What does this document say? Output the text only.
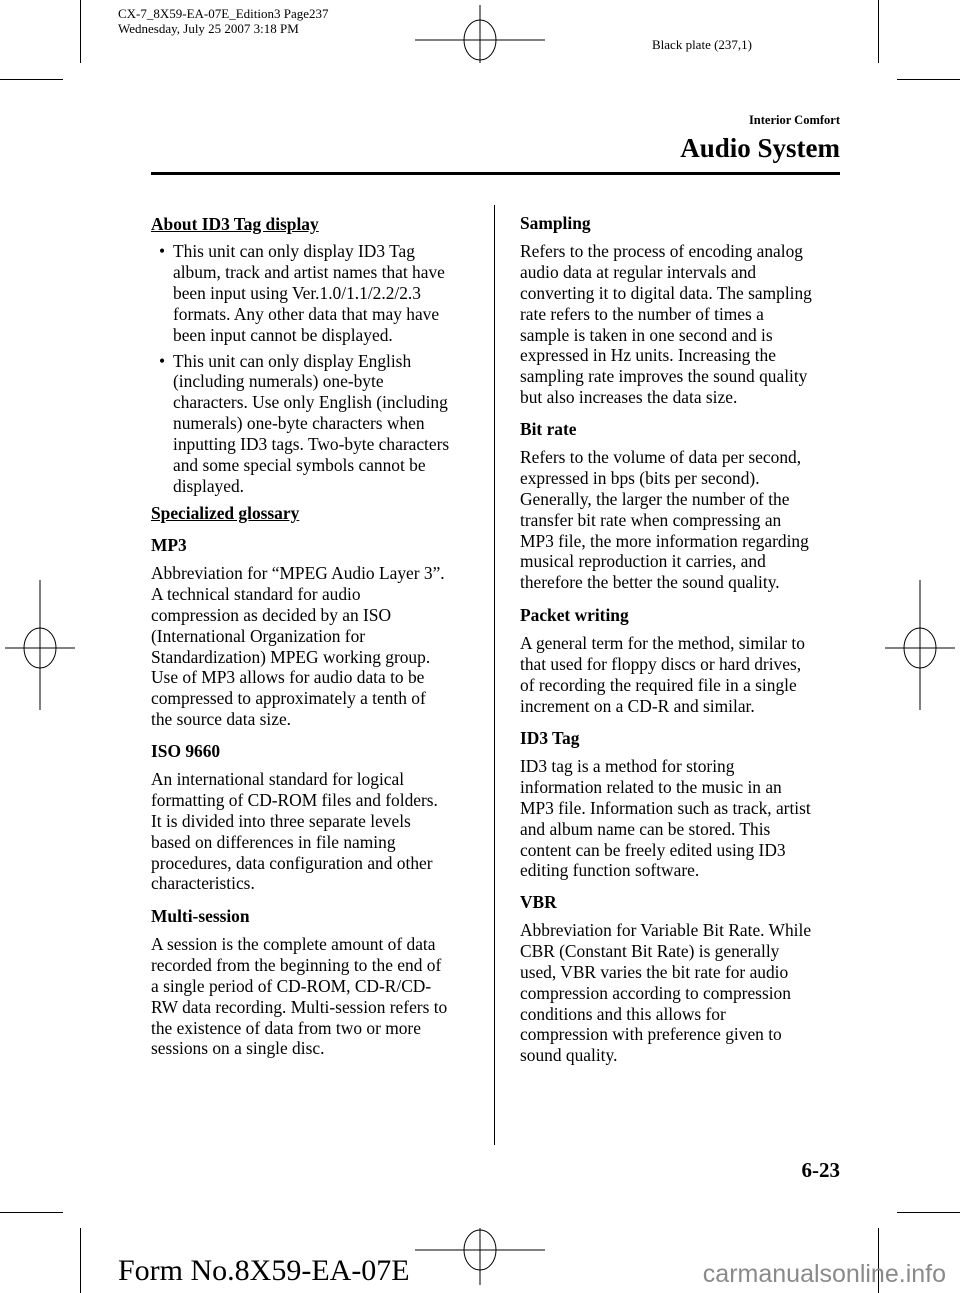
CX-7_8X59-EA-07E_Edition3 Page237
Wednesday, July 25 2007 3:18 PM
Black plate (237,1)
Interior Comfort
Audio System
About ID3 Tag display
• This unit can only display ID3 Tag
album, track and artist names that have
been input using Ver.1.0/1.1/2.2/2.3
formats. Any other data that may have
been input cannot be displayed.
• This unit can only display English
(including numerals) one-byte
characters. Use only English (including
numerals) one-byte characters when
inputting ID3 tags. Two-byte characters
and some special symbols cannot be
displayed.
Specialized glossary
MP3
Abbreviation for “MPEG Audio Layer 3”.
A technical standard for audio
compression as decided by an ISO
(International Organization for
Standardization) MPEG working group.
Use of MP3 allows for audio data to be
compressed to approximately a tenth of
the source data size.
ISO 9660
An international standard for logical
formatting of CD-ROM files and folders.
It is divided into three separate levels
based on differences in file naming
procedures, data configuration and other
characteristics.
Multi-session
A session is the complete amount of data
recorded from the beginning to the end of
a single period of CD-ROM, CD-R/CD-
RW data recording. Multi-session refers to
the existence of data from two or more
sessions on a single disc.
Sampling
Refers to the process of encoding analog
audio data at regular intervals and
converting it to digital data. The sampling
rate refers to the number of times a
sample is taken in one second and is
expressed in Hz units. Increasing the
sampling rate improves the sound quality
but also increases the data size.
Bit rate
Refers to the volume of data per second,
expressed in bps (bits per second).
Generally, the larger the number of the
transfer bit rate when compressing an
MP3 file, the more information regarding
musical reproduction it carries, and
therefore the better the sound quality.
Packet writing
A general term for the method, similar to
that used for floppy discs or hard drives,
of recording the required file in a single
increment on a CD-R and similar.
ID3 Tag
ID3 tag is a method for storing
information related to the music in an
MP3 file. Information such as track, artist
and album name can be stored. This
content can be freely edited using ID3
editing function software.
VBR
Abbreviation for Variable Bit Rate. While
CBR (Constant Bit Rate) is generally
used, VBR varies the bit rate for audio
compression according to compression
conditions and this allows for
compression with preference given to
sound quality.
6-23
Form No.8X59-EA-07E	carmanualsonline.info
